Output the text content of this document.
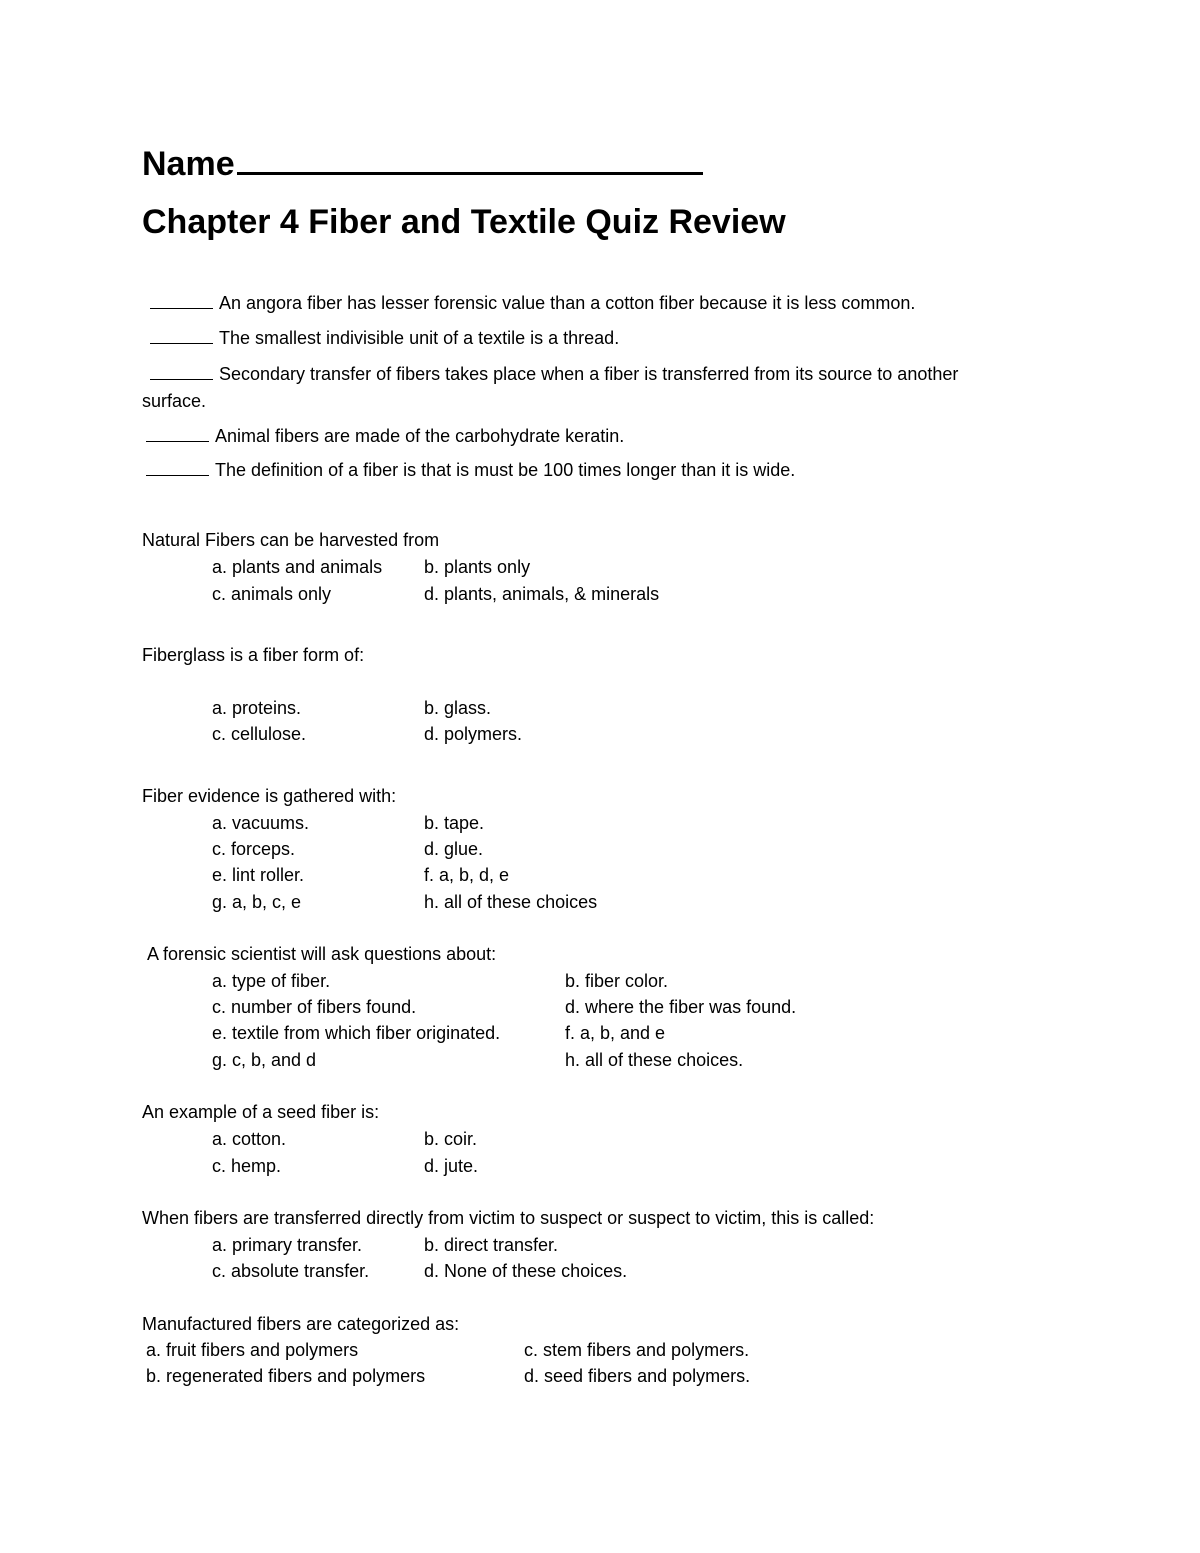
Name
Chapter 4 Fiber and Textile Quiz Review
An angora fiber has lesser forensic value than a cotton fiber because it is less common.
The smallest indivisible unit of a textile is a thread.
Secondary transfer of fibers takes place when a fiber is transferred from its source to another
surface.
Animal fibers are made of the carbohydrate keratin.
The definition of a fiber is that is must be 100 times longer than it is wide.
Natural Fibers can be harvested from
a. plants and animals b. plants only
c. animals only	d. plants, animals, & minerals
Fiberglass is a fiber form of:
a. proteins.	b. glass.
c. cellulose.	d. polymers.
Fiber evidence is gathered with:
a. vacuums.	b. tape.
c. forceps.	d. glue.
e. lint roller.	f. a, b, d, e
g. a, b, c, e	h. all of these choices
A forensic scientist will ask questions about:
a. type of fiber.	b. fiber color.
c. number of fibers found.	d. where the fiber was found.
e. textile from which fiber originated.	f. a, b, and e
g. c, b, and d	h. all of these choices.
An example of a seed fiber is:
a. cotton.	b. coir.
c. hemp.	d. jute.
When fibers are transferred directly from victim to suspect or suspect to victim, this is called:
a. primary transfer.	b. direct transfer.
c. absolute transfer.	d. None of these choices.
Manufactured fibers are categorized as:
a. fruit fibers and polymers	c. stem fibers and polymers.
b. regenerated fibers and polymers	d. seed fibers and polymers.
